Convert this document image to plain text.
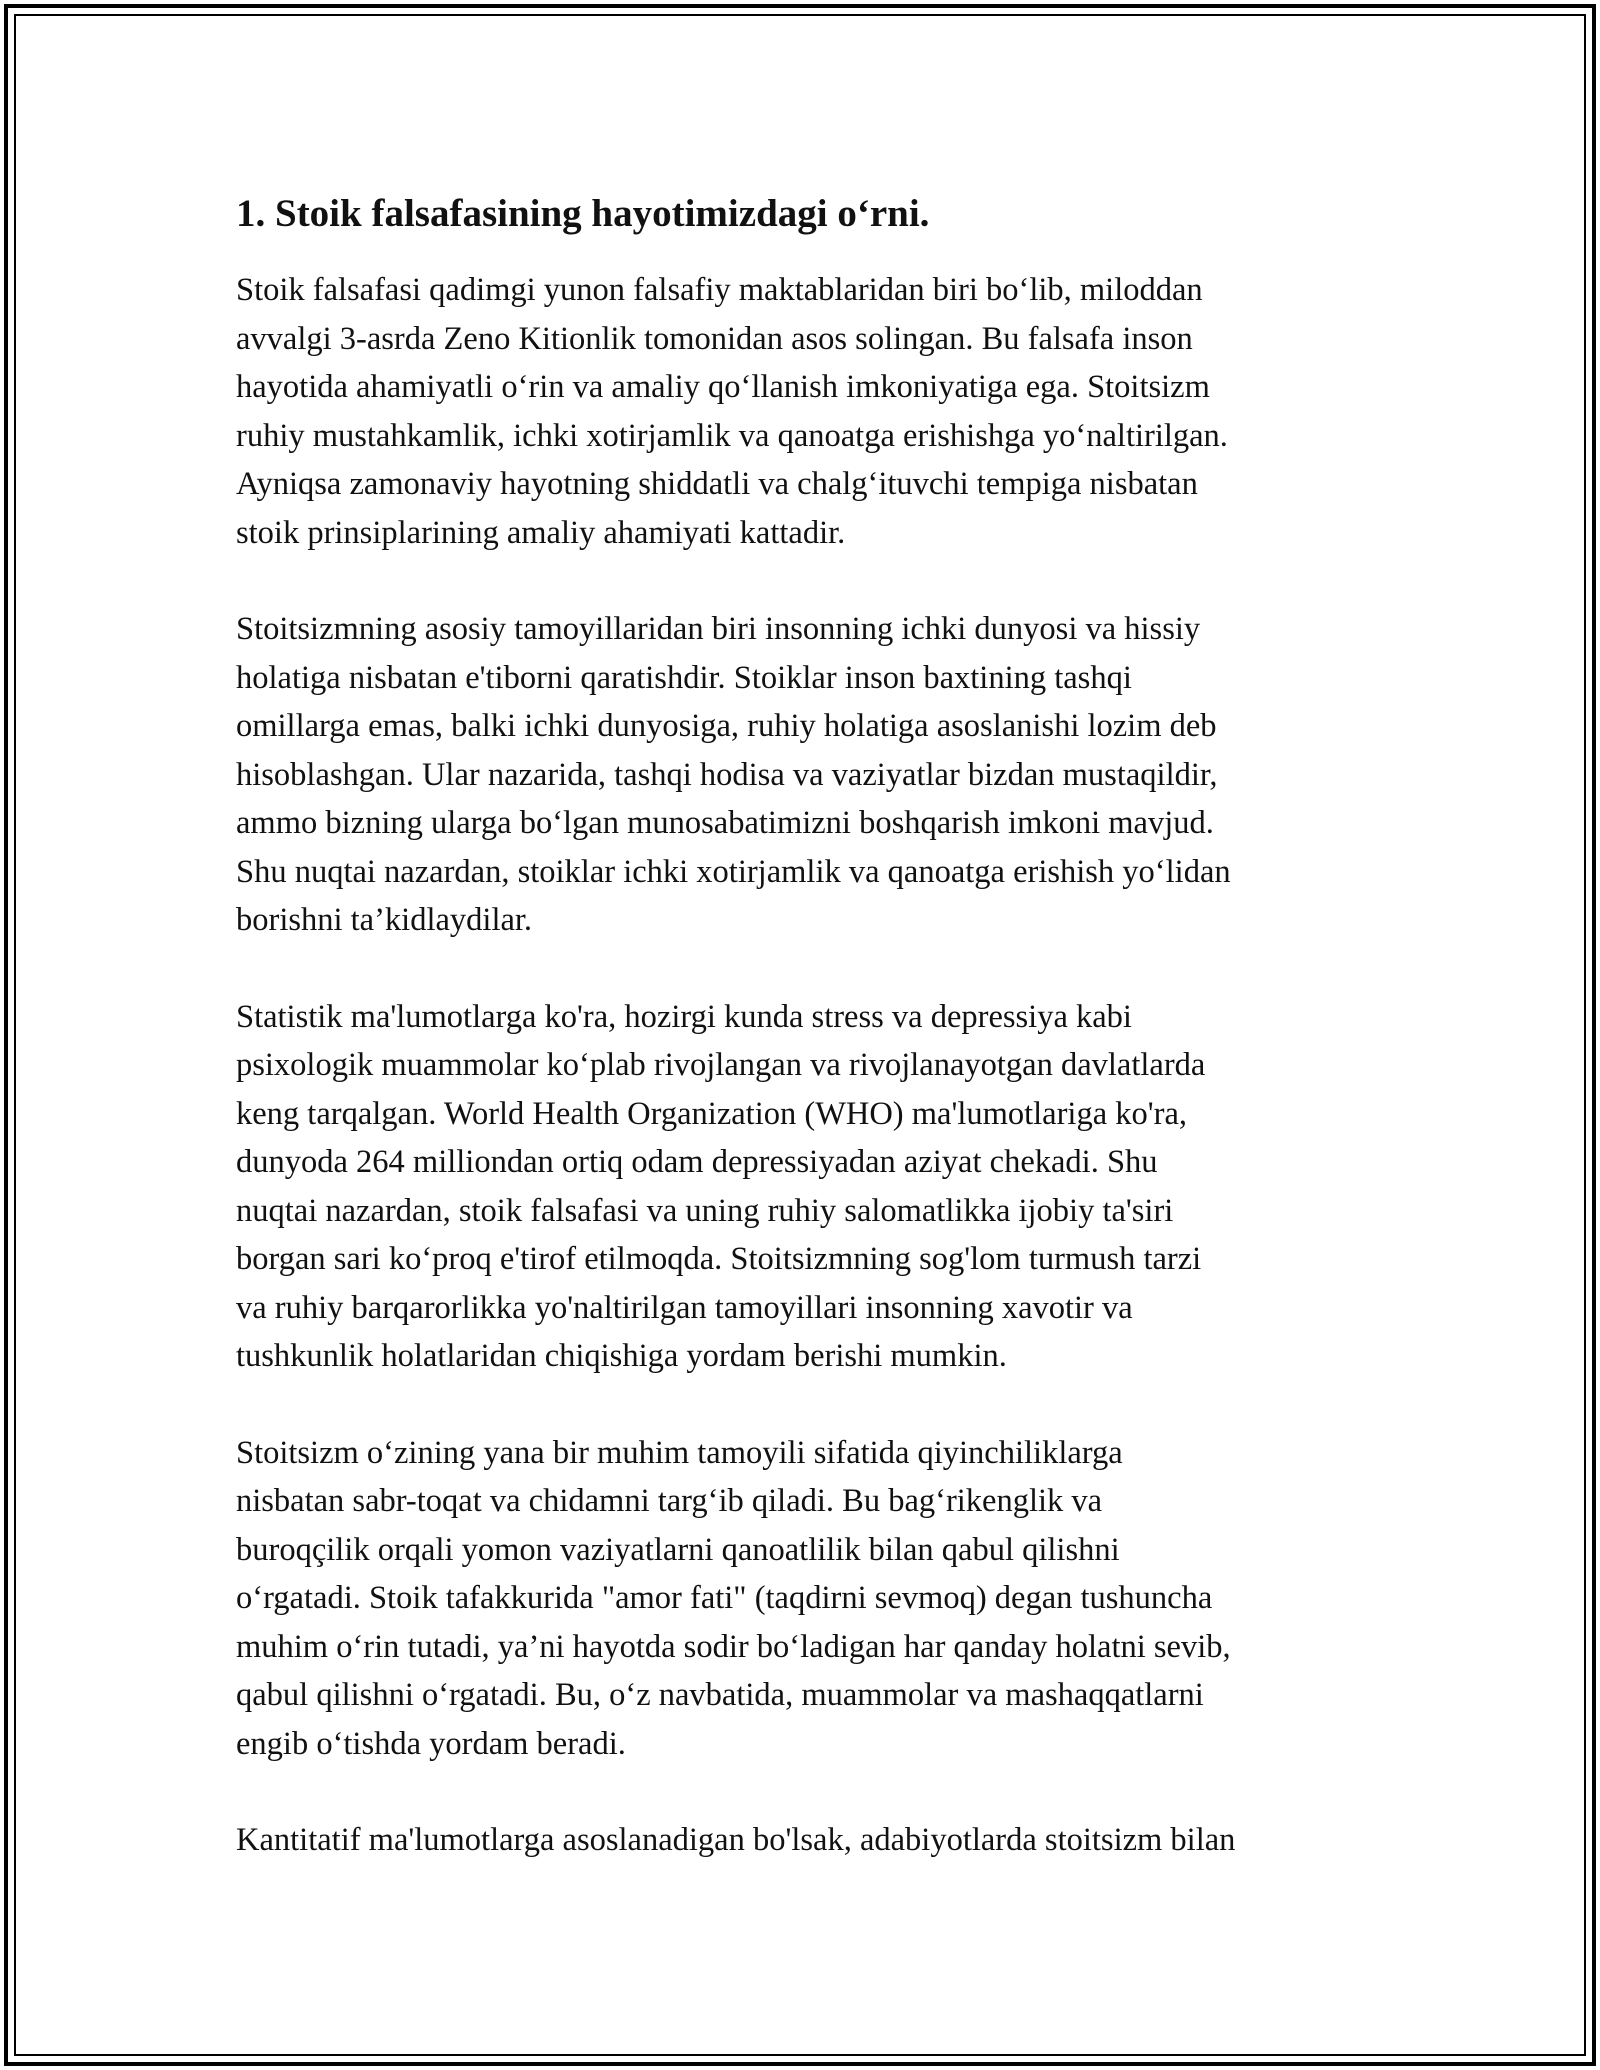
1. Stoik falsafasining hayotimizdagi o‘rni.

Stoik falsafasi qadimgi yunon falsafiy maktablaridan biri bo‘lib, miloddan
avvalgi 3-asrda Zeno Kitionlik tomonidan asos solingan. Bu falsafa inson
hayotida ahamiyatli o‘rin va amaliy qo‘llanish imkoniyatiga ega. Stoitsizm
ruhiy mustahkamlik, ichki xotirjamlik va qanoatga erishishga yo‘naltirilgan.
Ayniqsa zamonaviy hayotning shiddatli va chalg‘ituvchi tempiga nisbatan
stoik prinsiplarining amaliy ahamiyati kattadir.

Stoitsizmning asosiy tamoyillaridan biri insonning ichki dunyosi va hissiy
holatiga nisbatan e'tiborni qaratishdir. Stoiklar inson baxtining tashqi
omillarga emas, balki ichki dunyosiga, ruhiy holatiga asoslanishi lozim deb
hisoblashgan. Ular nazarida, tashqi hodisa va vaziyatlar bizdan mustaqildir,
ammo bizning ularga bo‘lgan munosabatimizni boshqarish imkoni mavjud.
Shu nuqtai nazardan, stoiklar ichki xotirjamlik va qanoatga erishish yo‘lidan
borishni ta’kidlaydilar.

Statistik ma'lumotlarga ko'ra, hozirgi kunda stress va depressiya kabi
psixologik muammolar ko‘plab rivojlangan va rivojlanayotgan davlatlarda
keng tarqalgan. World Health Organization (WHO) ma'lumotlariga ko'ra,
dunyoda 264 milliondan ortiq odam depressiyadan aziyat chekadi. Shu
nuqtai nazardan, stoik falsafasi va uning ruhiy salomatlikka ijobiy ta'siri
borgan sari ko‘proq e'tirof etilmoqda. Stoitsizmning sog'lom turmush tarzi
va ruhiy barqarorlikka yo'naltirilgan tamoyillari insonning xavotir va
tushkunlik holatlaridan chiqishiga yordam berishi mumkin.

Stoitsizm o‘zining yana bir muhim tamoyili sifatida qiyinchiliklarga
nisbatan sabr-toqat va chidamni targ‘ib qiladi. Bu bag‘rikenglik va
buroqçilik orqali yomon vaziyatlarni qanoatlilik bilan qabul qilishni
o‘rgatadi. Stoik tafakkurida "amor fati" (taqdirni sevmoq) degan tushuncha
muhim o‘rin tutadi, ya’ni hayotda sodir bo‘ladigan har qanday holatni sevib,
qabul qilishni o‘rgatadi. Bu, o‘z navbatida, muammolar va mashaqqatlarni
engib o‘tishda yordam beradi.

Kantitatif ma'lumotlarga asoslanadigan bo'lsak, adabiyotlarda stoitsizm bilan
